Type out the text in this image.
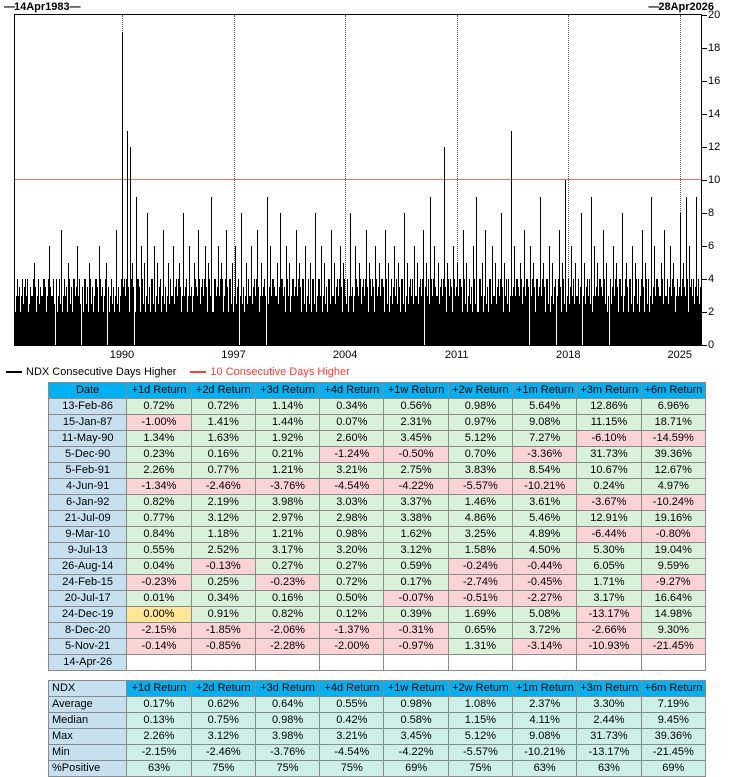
—14Apr1983—	—28Apr2026
0
2
4
6
8
10
12
14
16
18
20
1990	1997	2004	2011	2018	2025
NDX Consecutive Days Higher	10 Consecutive Days Higher
Date	+1d Return	+2d Return	+3d Return	+4d Return	+1w Return	+2w Return	+1m Return	+3m Return	+6m Return
13-Feb-86	0.72%	0.72%	1.14%	0.34%	0.56%	0.98%	5.64%	12.86%	6.96%
15-Jan-87	-1.00%	1.41%	1.44%	0.07%	2.31%	0.97%	9.08%	11.15%	18.71%
11-May-90	1.34%	1.63%	1.92%	2.60%	3.45%	5.12%	7.27%	-6.10%	-14.59%
5-Dec-90	0.23%	0.16%	0.21%	-1.24%	-0.50%	0.70%	-3.36%	31.73%	39.36%
5-Feb-91	2.26%	0.77%	1.21%	3.21%	2.75%	3.83%	8.54%	10.67%	12.67%
4-Jun-91	-1.34%	-2.46%	-3.76%	-4.54%	-4.22%	-5.57%	-10.21%	0.24%	4.97%
6-Jan-92	0.82%	2.19%	3.98%	3.03%	3.37%	1.46%	3.61%	-3.67%	-10.24%
21-Jul-09	0.77%	3.12%	2.97%	2.98%	3.38%	4.86%	5.46%	12.91%	19.16%
9-Mar-10	0.84%	1.18%	1.21%	0.98%	1.62%	3.25%	4.89%	-6.44%	-0.80%
9-Jul-13	0.55%	2.52%	3.17%	3.20%	3.12%	1.58%	4.50%	5.30%	19.04%
26-Aug-14	0.04%	-0.13%	0.27%	0.27%	0.59%	-0.24%	-0.44%	6.05%	9.59%
24-Feb-15	-0.23%	0.25%	-0.23%	0.72%	0.17%	-2.74%	-0.45%	1.71%	-9.27%
20-Jul-17	0.01%	0.34%	0.16%	0.50%	-0.07%	-0.51%	-2.27%	3.17%	16.64%
24-Dec-19	0.00%	0.91%	0.82%	0.12%	0.39%	1.69%	5.08%	-13.17%	14.98%
8-Dec-20	-2.15%	-1.85%	-2.06%	-1.37%	-0.31%	0.65%	3.72%	-2.66%	9.30%
5-Nov-21	-0.14%	-0.85%	-2.28%	-2.00%	-0.97%	1.31%	-3.14%	-10.93%	-21.45%
14-Apr-26									
NDX	+1d Return	+2d Return	+3d Return	+4d Return	+1w Return	+2w Return	+1m Return	+3m Return	+6m Return
Average	0.17%	0.62%	0.64%	0.55%	0.98%	1.08%	2.37%	3.30%	7.19%
Median	0.13%	0.75%	0.98%	0.42%	0.58%	1.15%	4.11%	2.44%	9.45%
Max	2.26%	3.12%	3.98%	3.21%	3.45%	5.12%	9.08%	31.73%	39.36%
Min	-2.15%	-2.46%	-3.76%	-4.54%	-4.22%	-5.57%	-10.21%	-13.17%	-21.45%
%Positive	63%	75%	75%	75%	69%	75%	63%	63%	69%
